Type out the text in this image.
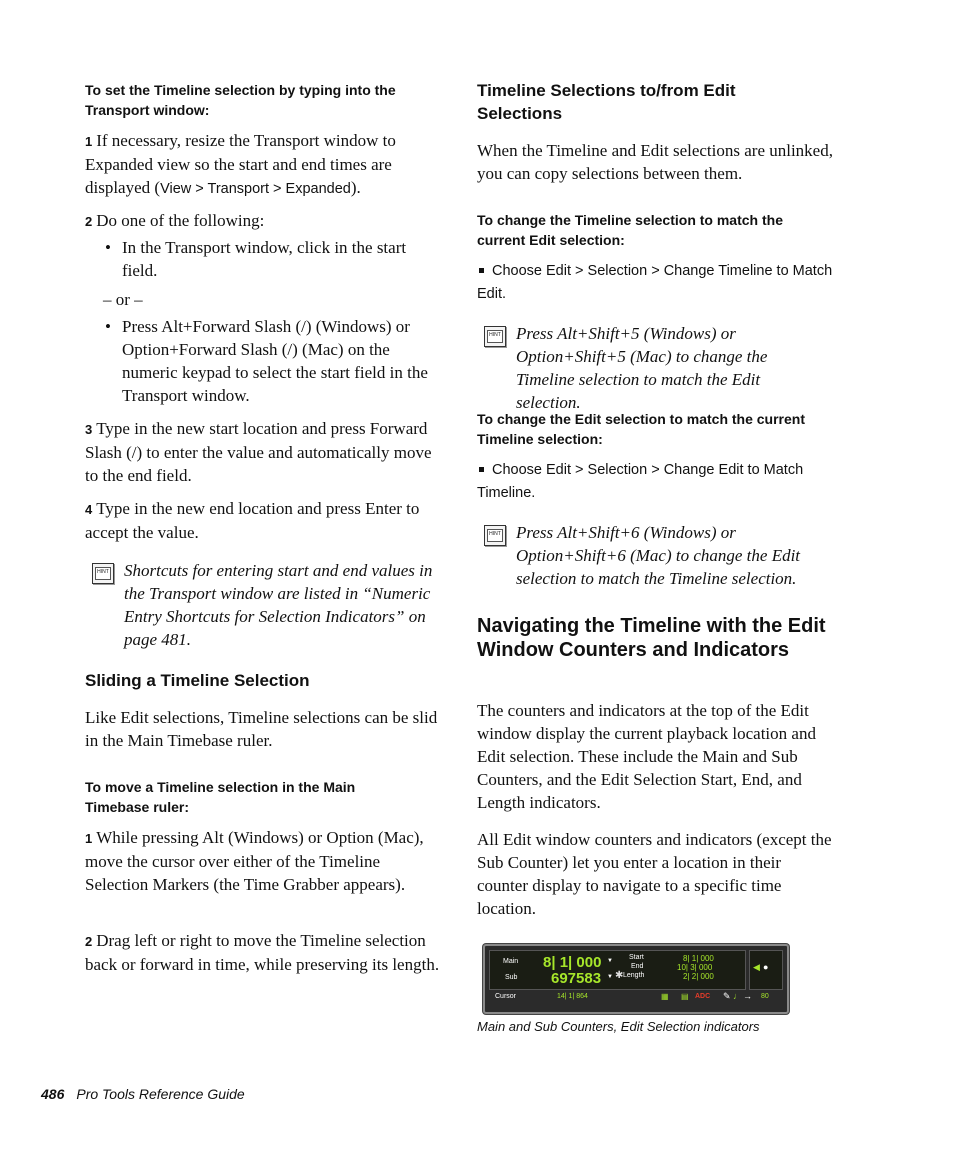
To set the Timeline selection by typing into the Transport window:
1 If necessary, resize the Transport window to Expanded view so the start and end times are displayed (View > Transport > Expanded).
2 Do one of the following:
• In the Transport window, click in the start field.
– or –
• Press Alt+Forward Slash (/) (Windows) or Option+Forward Slash (/) (Mac) on the numeric keypad to select the start field in the Transport window.
3 Type in the new start location and press Forward Slash (/) to enter the value and automatically move to the end field.
4 Type in the new end location and press Enter to accept the value.
HINT Shortcuts for entering start and end values in the Transport window are listed in “Numeric Entry Shortcuts for Selection Indicators” on page 481.
Sliding a Timeline Selection
Like Edit selections, Timeline selections can be slid in the Main Timebase ruler.
To move a Timeline selection in the Main Timebase ruler:
1 While pressing Alt (Windows) or Option (Mac), move the cursor over either of the Timeline Selection Markers (the Time Grabber appears).
2 Drag left or right to move the Timeline selection back or forward in time, while preserving its length.
Timeline Selections to/from Edit Selections
When the Timeline and Edit selections are unlinked, you can copy selections between them.
To change the Timeline selection to match the current Edit selection:
Choose Edit > Selection > Change Timeline to Match Edit.
HINT Press Alt+Shift+5 (Windows) or Option+Shift+5 (Mac) to change the Timeline selection to match the Edit selection.
To change the Edit selection to match the current Timeline selection:
Choose Edit > Selection > Change Edit to Match Timeline.
HINT Press Alt+Shift+6 (Windows) or Option+Shift+6 (Mac) to change the Edit selection to match the Timeline selection.
Navigating the Timeline with the Edit Window Counters and Indicators
The counters and indicators at the top of the Edit window display the current playback location and Edit selection. These include the Main and Sub Counters, and the Edit Selection Start, End, and Length indicators.
All Edit window counters and indicators (except the Sub Counter) let you enter a location in their counter display to navigate to a specific time location.
Main
Sub
8| 1| 000
697583
▼
▼ ✱
Start
End
Length
8| 1| 000
10| 3| 000
2| 2| 000
◀︎ ●
Cursor	14| 1| 864	▦ ▤ ADC ✎ ♩ → 80
Main and Sub Counters, Edit Selection indicators
486 Pro Tools Reference Guide
